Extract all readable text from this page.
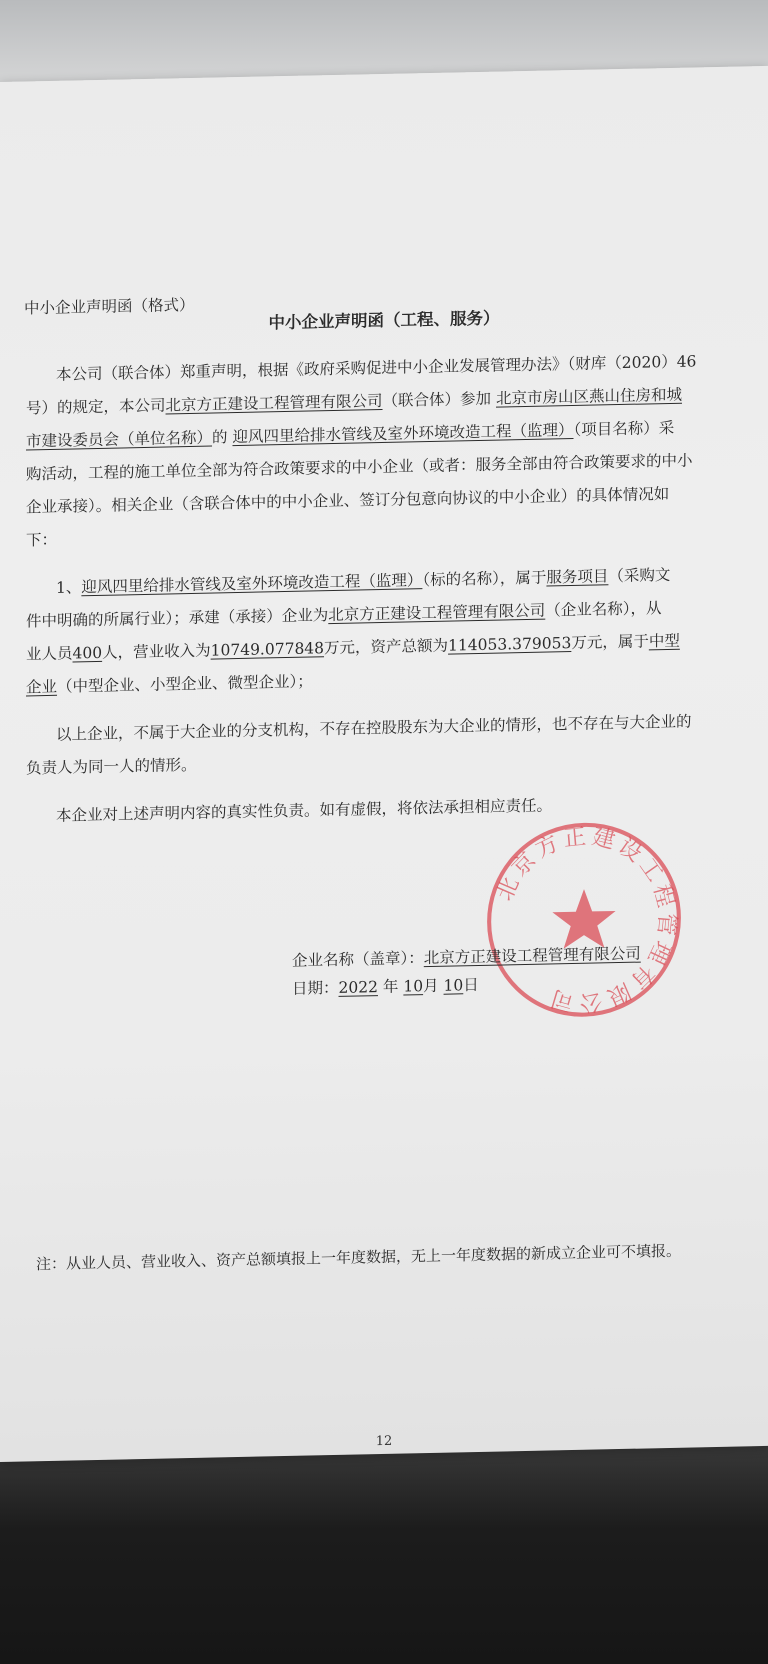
中小企业声明函（格式）
中小企业声明函（工程、服务）
本公司（联合体）郑重声明，根据《政府采购促进中小企业发展管理办法》（财库（2020）46
号）的规定，本公司北京方正建设工程管理有限公司（联合体）参加 北京市房山区燕山住房和城
市建设委员会（单位名称）的 迎风四里给排水管线及室外环境改造工程（监理）（项目名称）采
购活动，工程的施工单位全部为符合政策要求的中小企业（或者：服务全部由符合政策要求的中小
企业承接）。相关企业（含联合体中的中小企业、签订分包意向协议的中小企业）的具体情况如
下：
1、迎风四里给排水管线及室外环境改造工程（监理）（标的名称），属于服务项目（采购文
件中明确的所属行业）；承建（承接）企业为北京方正建设工程管理有限公司（企业名称），从
业人员400人，营业收入为10749.077848万元，资产总额为114053.379053万元，属于中型
企业（中型企业、小型企业、微型企业）；
以上企业，不属于大企业的分支机构，不存在控股股东为大企业的情形，也不存在与大企业的
负责人为同一人的情形。
本企业对上述声明内容的真实性负责。如有虚假，将依法承担相应责任。
北京方正建设工程管理有限公司
企业名称（盖章）：北京方正建设工程管理有限公司
日期：2022 年 10月 10日
注：从业人员、营业收入、资产总额填报上一年度数据，无上一年度数据的新成立企业可不填报。
12
